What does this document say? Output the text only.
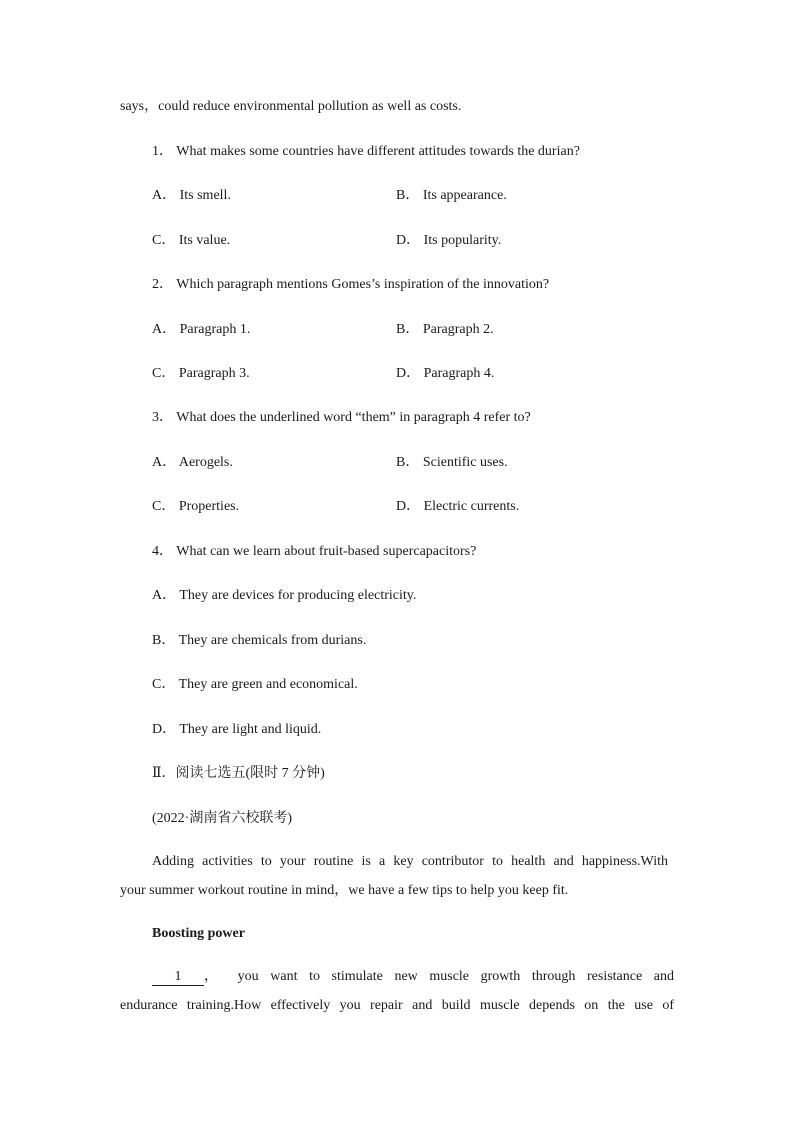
says，could reduce environmental pollution as well as costs.
1． What makes some countries have different attitudes towards the durian?
A． Its smell.	B． Its appearance.
C． Its value.	D． Its popularity.
2． Which paragraph mentions Gomes’s inspiration of the innovation?
A． Paragraph 1.	B． Paragraph 2.
C． Paragraph 3.	D． Paragraph 4.
3． What does the underlined word “them” in paragraph 4 refer to?
A． Aerogels.	B． Scientific uses.
C． Properties.	D． Electric currents.
4． What can we learn about fruit-based supercapacitors?
A． They are devices for producing electricity.
B． They are chemicals from durians.
C． They are green and economical.
D． They are light and liquid.
Ⅱ．阅读七选五(限时 7 分钟)
(2022·湖南省六校联考)
Adding activities to your routine is a key contributor to health and happiness.With
your summer workout routine in mind，we have a few tips to help you keep fit.
Boosting power
1	， you want to stimulate new muscle growth through resistance and
endurance training.How effectively you repair and build muscle depends on the use of
